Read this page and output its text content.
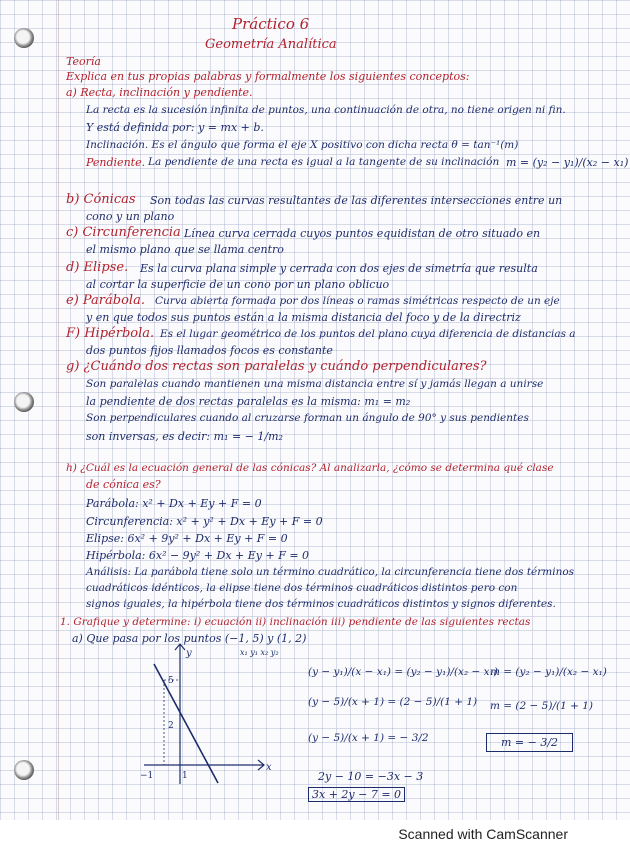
Práctico 6
Geometría Analítica
Teoría
Explica en tus propias palabras y formalmente los siguientes conceptos:
a) Recta, inclinación y pendiente.
La recta es la sucesión infinita de puntos, una continuación de otra, no tiene origen ni fin.
Y está definida por: y = mx + b.
Inclinación. Es el ángulo que forma el eje X positivo con dicha recta θ = tan⁻¹(m)
Pendiente. La pendiente de una recta es igual a la tangente de su inclinación m = (y₂ − y₁)/(x₂ − x₁)
b) Cónicas Son todas las curvas resultantes de las diferentes intersecciones entre un
cono y un plano
c) Circunferencia Línea curva cerrada cuyos puntos equidistan de otro situado en
el mismo plano que se llama centro
d) Elipse. Es la curva plana simple y cerrada con dos ejes de simetría que resulta
al cortar la superficie de un cono por un plano oblicuo
e) Parábola. Curva abierta formada por dos líneas o ramas simétricas respecto de un eje
y en que todos sus puntos están a la misma distancia del foco y de la directriz
F) Hipérbola. Es el lugar geométrico de los puntos del plano cuya diferencia de distancias a
dos puntos fijos llamados focos es constante
g) ¿Cuándo dos rectas son paralelas y cuándo perpendiculares?
Son paralelas cuando mantienen una misma distancia entre sí y jamás llegan a unirse
la pendiente de dos rectas paralelas es la misma: m₁ = m₂
Son perpendiculares cuando al cruzarse forman un ángulo de 90° y sus pendientes
son inversas, es decir: m₁ = − 1/m₂
h) ¿Cuál es la ecuación general de las cónicas? Al analizarla, ¿cómo se determina qué clase
de cónica es?
Parábola: x² + Dx + Ey + F = 0
Circunferencia: x² + y² + Dx + Ey + F = 0
Elipse: 6x² + 9y² + Dx + Ey + F = 0
Hipérbola: 6x² − 9y² + Dx + Ey + F = 0
Análisis: La parábola tiene solo un término cuadrático, la circunferencia tiene dos términos
cuadráticos idénticos, la elipse tiene dos términos cuadráticos distintos pero con
signos iguales, la hipérbola tiene dos términos cuadráticos distintos y signos diferentes.
1. Grafique y determine: i) ecuación ii) inclinación iii) pendiente de las siguientes rectas
a) Que pasa por los puntos (−1, 5) y (1, 2)
x₁ y₁ x₂ y₂
y
x
5
2
−1	1
(y − y₁)/(x − x₁) = (y₂ − y₁)/(x₂ − x₁)
(y − 5)/(x + 1) = (2 − 5)/(1 + 1)
(y − 5)/(x + 1) = − 3/2
2y − 10 = −3x − 3
3x + 2y − 7 = 0
m = (y₂ − y₁)/(x₂ − x₁)
m = (2 − 5)/(1 + 1)
m = − 3/2
Scanned with CamScanner
